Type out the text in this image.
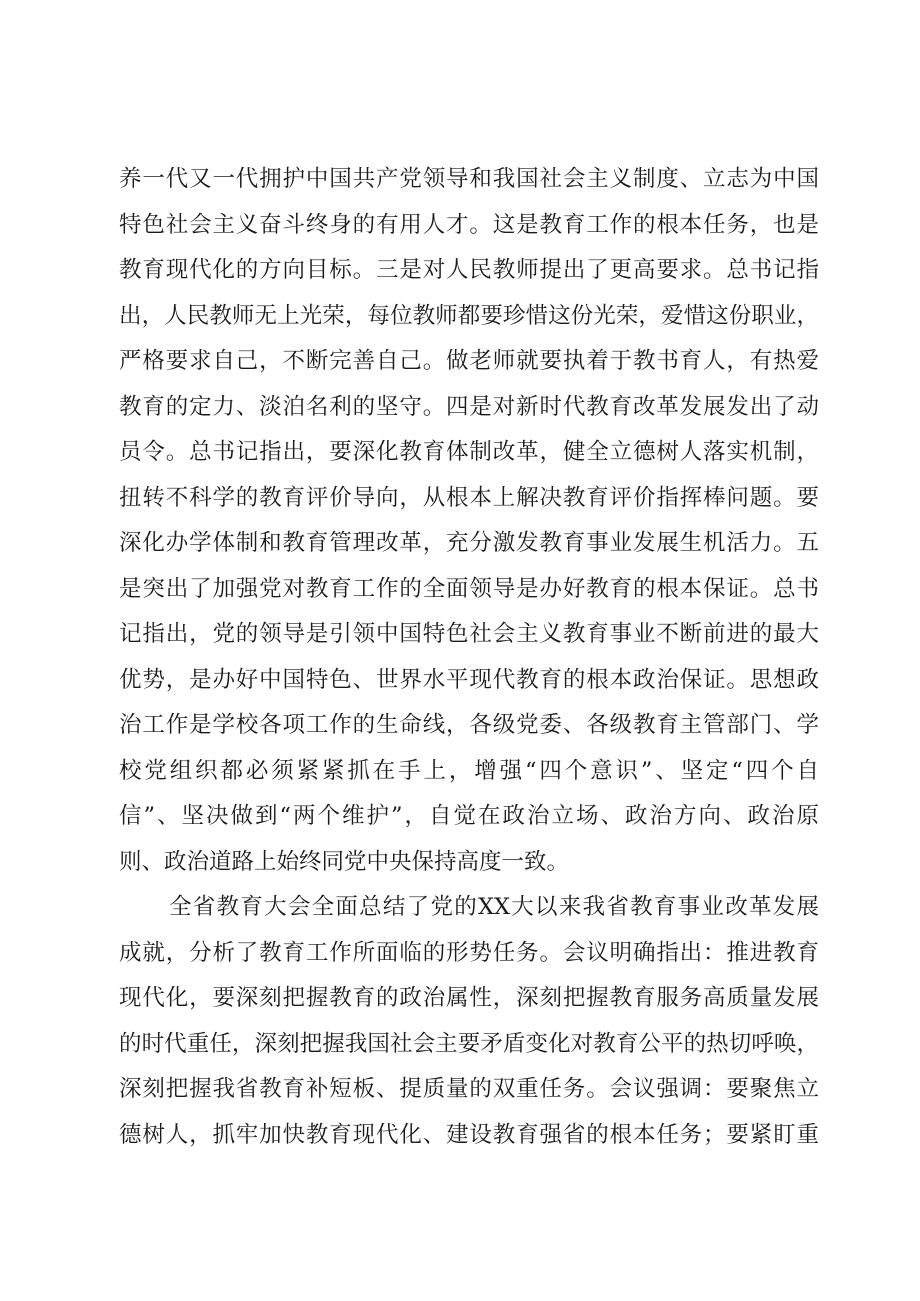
养一代又一代拥护中国共产党领导和我国社会主义制度、立志为中国
特色社会主义奋斗终身的有用人才。这是教育工作的根本任务，也是
教育现代化的方向目标。三是对人民教师提出了更高要求。总书记指
出，人民教师无上光荣，每位教师都要珍惜这份光荣，爱惜这份职业，
严格要求自己，不断完善自己。做老师就要执着于教书育人，有热爱
教育的定力、淡泊名利的坚守。四是对新时代教育改革发展发出了动
员令。总书记指出，要深化教育体制改革，健全立德树人落实机制，
扭转不科学的教育评价导向，从根本上解决教育评价指挥棒问题。要
深化办学体制和教育管理改革，充分激发教育事业发展生机活力。五
是突出了加强党对教育工作的全面领导是办好教育的根本保证。总书
记指出，党的领导是引领中国特色社会主义教育事业不断前进的最大
优势，是办好中国特色、世界水平现代教育的根本政治保证。思想政
治工作是学校各项工作的生命线，各级党委、各级教育主管部门、学
校党组织都必须紧紧抓在手上，增强“四个意识”、坚定“四个自
信”、坚决做到“两个维护”，自觉在政治立场、政治方向、政治原
则、政治道路上始终同党中央保持高度一致。
全省教育大会全面总结了党的XX大以来我省教育事业改革发展
成就，分析了教育工作所面临的形势任务。会议明确指出：推进教育
现代化，要深刻把握教育的政治属性，深刻把握教育服务高质量发展
的时代重任，深刻把握我国社会主要矛盾变化对教育公平的热切呼唤，
深刻把握我省教育补短板、提质量的双重任务。会议强调：要聚焦立
德树人，抓牢加快教育现代化、建设教育强省的根本任务；要紧盯重
